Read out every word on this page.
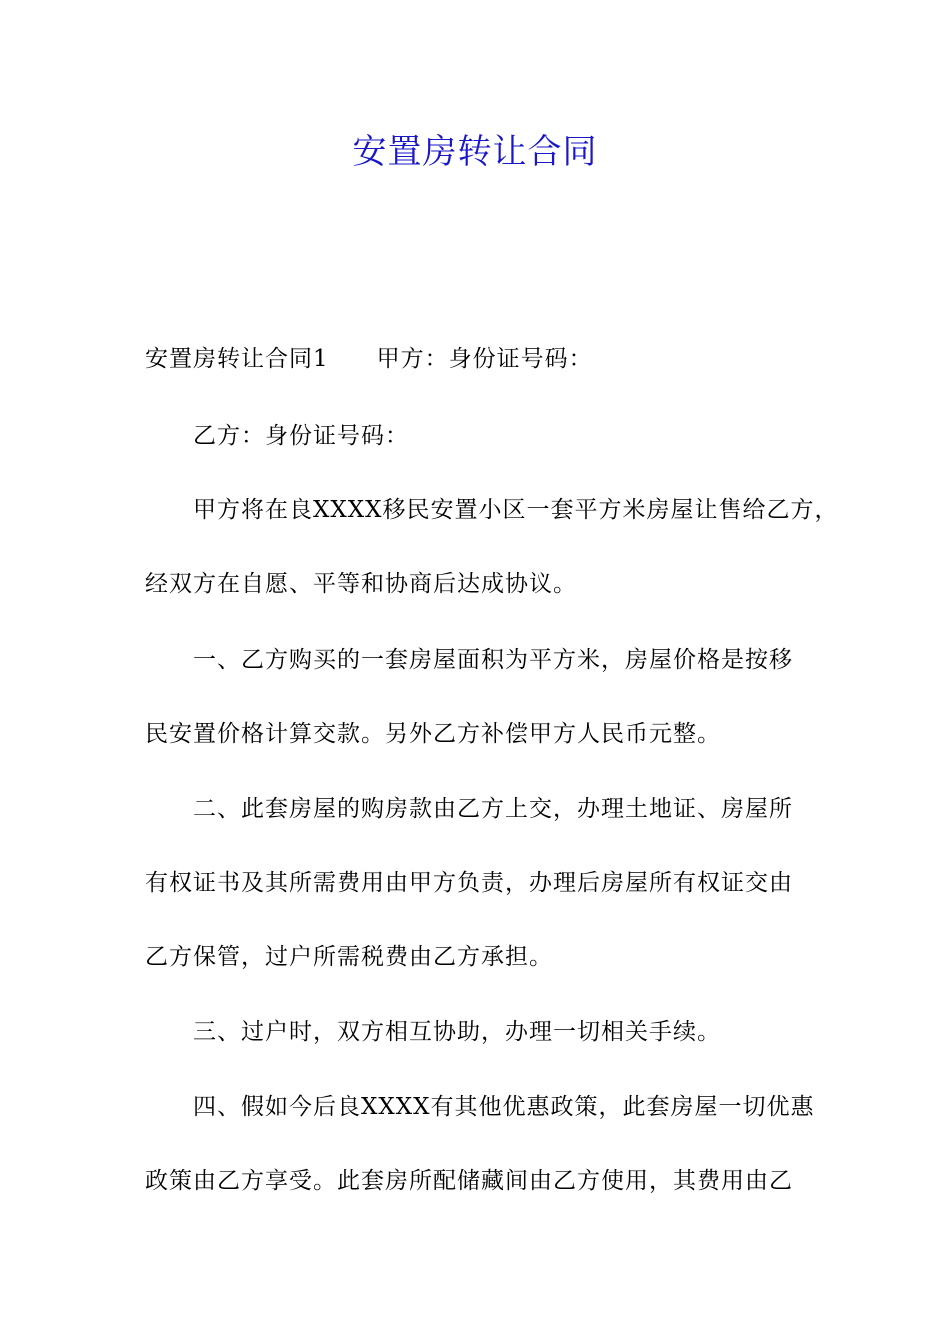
安置房转让合同
安置房转让合同1 甲方：身份证号码：
乙方：身份证号码：
甲方将在良XXXX移民安置小区一套平方米房屋让售给乙方，
经双方在自愿、平等和协商后达成协议。
一、乙方购买的一套房屋面积为平方米，房屋价格是按移
民安置价格计算交款。另外乙方补偿甲方人民币元整。
二、此套房屋的购房款由乙方上交，办理土地证、房屋所
有权证书及其所需费用由甲方负责，办理后房屋所有权证交由
乙方保管，过户所需税费由乙方承担。
三、过户时，双方相互协助，办理一切相关手续。
四、假如今后良XXXX有其他优惠政策，此套房屋一切优惠
政策由乙方享受。此套房所配储藏间由乙方使用，其费用由乙
